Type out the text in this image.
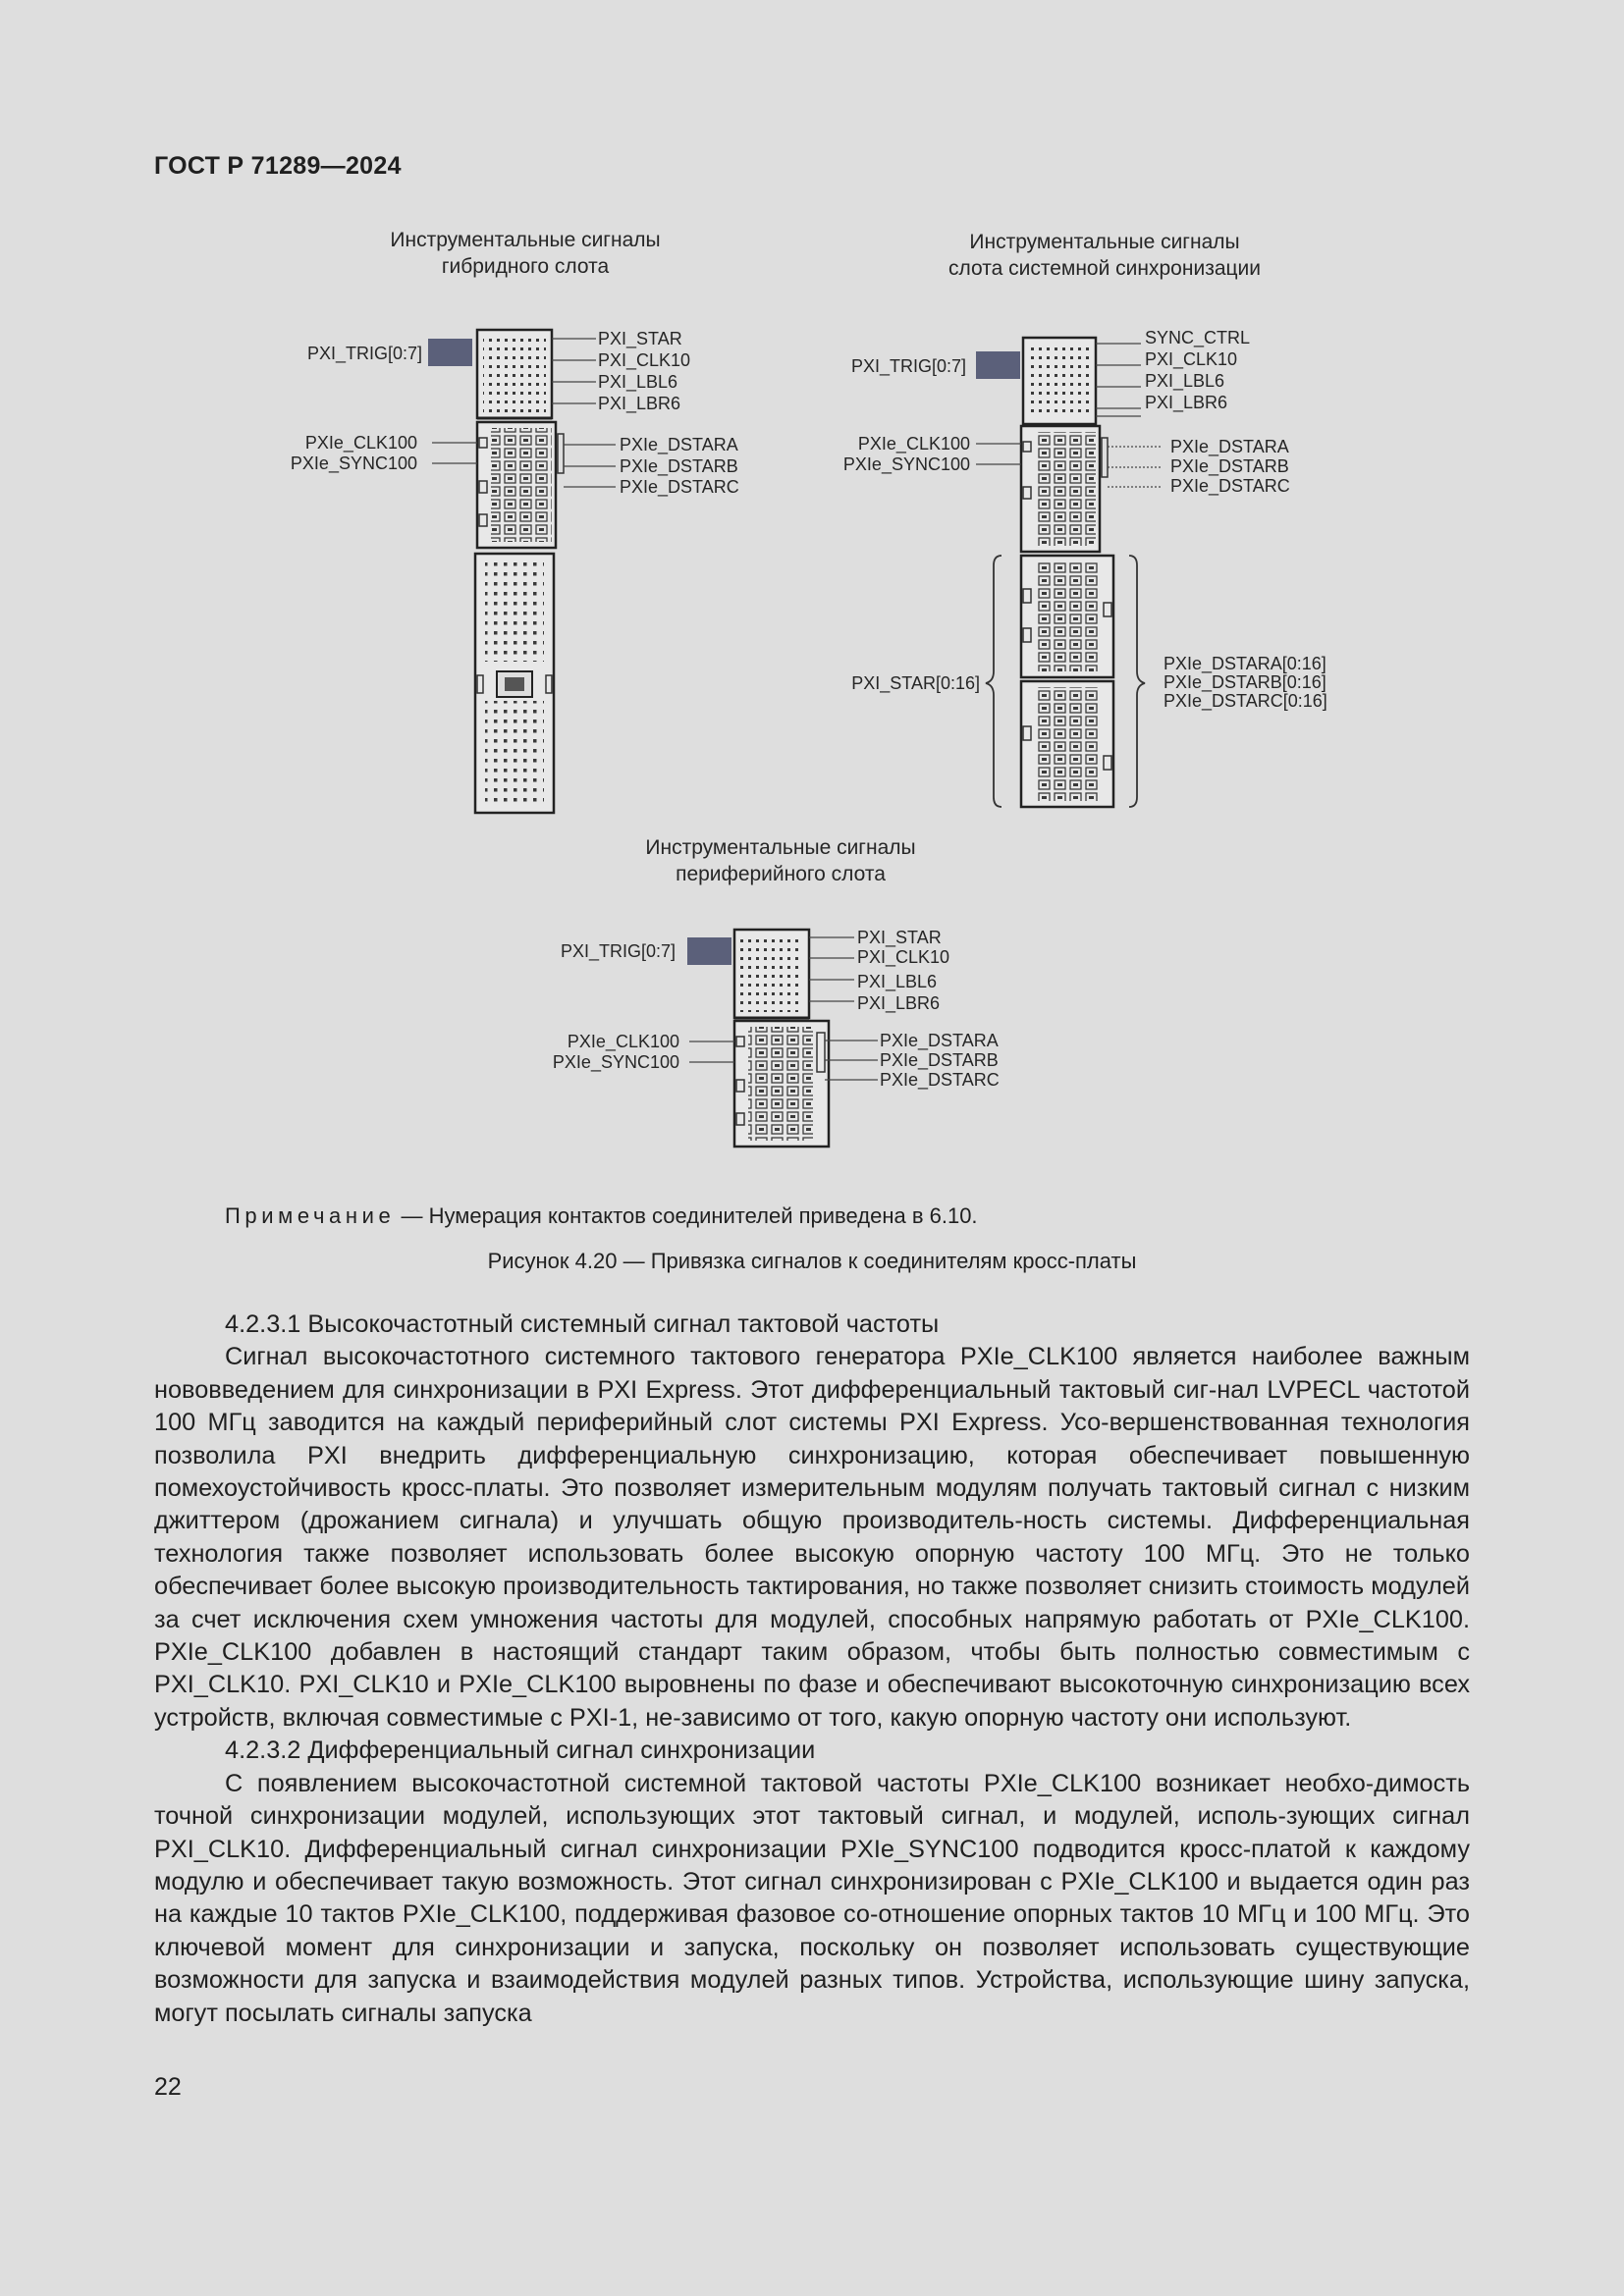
ГОСТ Р 71289—2024
Инструментальные сигналы
гибридного слота
Инструментальные сигналы
слота системной синхронизации
Инструментальные сигналы
периферийного слота
PXI_TRIG[0:7]
PXI_STAR
PXI_CLK10
PXI_LBL6
PXI_LBR6
PXIe_CLK100
PXIe_SYNC100
PXIe_DSTARA
PXIe_DSTARB
PXIe_DSTARC
PXI_TRIG[0:7]
SYNC_CTRL
PXI_CLK10
PXI_LBL6
PXI_LBR6
PXIe_CLK100
PXIe_SYNC100
PXIe_DSTARA
PXIe_DSTARB
PXIe_DSTARC
PXI_STAR[0:16]
PXIe_DSTARA[0:16]
PXIe_DSTARB[0:16]
PXIe_DSTARC[0:16]
PXI_TRIG[0:7]
PXI_STAR
PXI_CLK10
PXI_LBL6
PXI_LBR6
PXIe_CLK100
PXIe_SYNC100
PXIe_DSTARA
PXIe_DSTARB
PXIe_DSTARC
Примечание — Нумерация контактов соединителей приведена в 6.10.
Рисунок 4.20 — Привязка сигналов к соединителям кросс-платы

4.2.3.1 Высокочастотный системный сигнал тактовой частоты

Сигнал высокочастотного системного тактового генератора PXIe_CLK100 является наиболее важным нововведением для синхронизации в PXI Express. Этот дифференциальный тактовый сиг-нал LVPECL частотой 100 МГц заводится на каждый периферийный слот системы PXI Express. Усо-вершенствованная технология позволила PXI внедрить дифференциальную синхронизацию, которая обеспечивает повышенную помехоустойчивость кросс-платы. Это позволяет измерительным модулям получать тактовый сигнал с низким джиттером (дрожанием сигнала) и улучшать общую производитель-ность системы. Дифференциальная технология также позволяет использовать более высокую опорную частоту 100 МГц. Это не только обеспечивает более высокую производительность тактирования, но также позволяет снизить стоимость модулей за счет исключения схем умножения частоты для модулей, способных напрямую работать от PXIe_CLK100. PXIe_CLK100 добавлен в настоящий стандарт таким образом, чтобы быть полностью совместимым с PXI_CLK10. PXI_CLK10 и PXIe_CLK100 выровнены по фазе и обеспечивают высокоточную синхронизацию всех устройств, включая совместимые с PXI-1, не-зависимо от того, какую опорную частоту они используют.

4.2.3.2 Дифференциальный сигнал синхронизации

С появлением высокочастотной системной тактовой частоты PXIe_CLK100 возникает необхо-димость точной синхронизации модулей, использующих этот тактовый сигнал, и модулей, исполь-зующих сигнал PXI_CLK10. Дифференциальный сигнал синхронизации PXIe_SYNC100 подводится кросс-платой к каждому модулю и обеспечивает такую возможность. Этот сигнал синхронизирован с PXIe_CLK100 и выдается один раз на каждые 10 тактов PXIe_CLK100, поддерживая фазовое со-отношение опорных тактов 10 МГц и 100 МГц. Это ключевой момент для синхронизации и запуска, поскольку он позволяет использовать существующие возможности для запуска и взаимодействия модулей разных типов. Устройства, использующие шину запуска, могут посылать сигналы запуска

22
